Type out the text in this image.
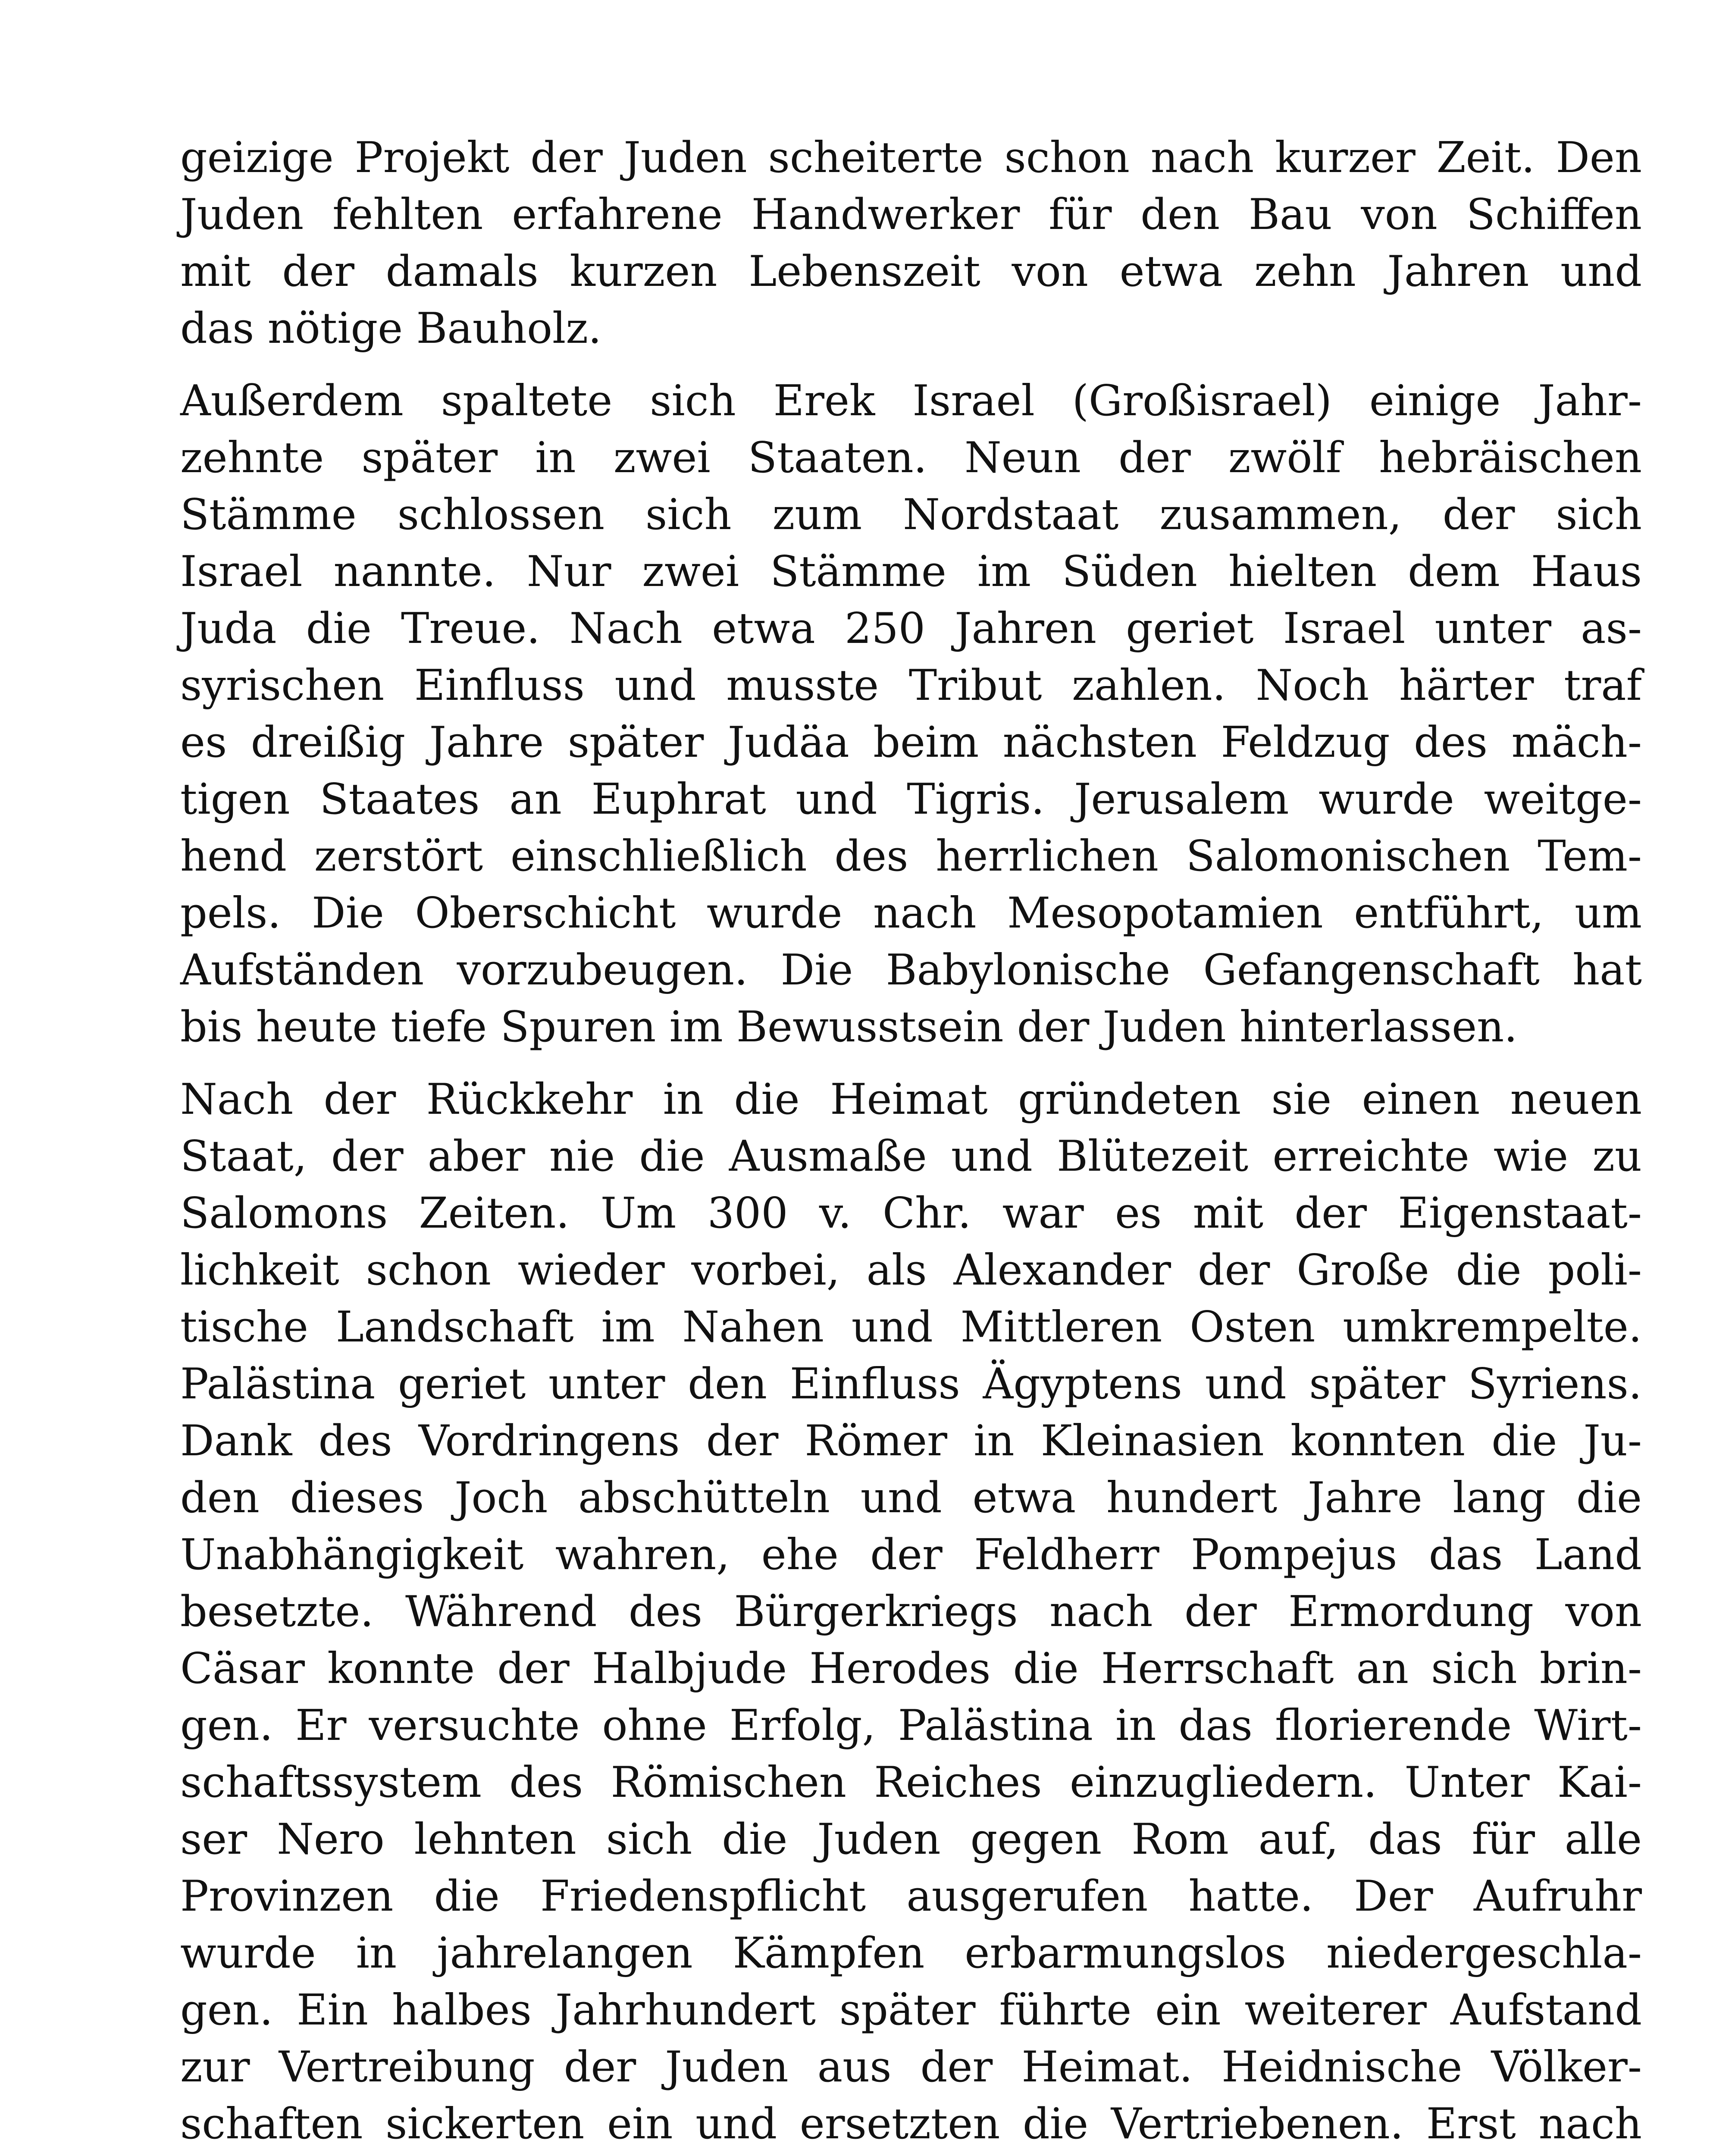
geizige Projekt der Juden scheiterte schon nach kurzer Zeit. Den
Juden fehlten erfahrene Handwerker für den Bau von Schiffen
mit der damals kurzen Lebenszeit von etwa zehn Jahren und
das nötige Bauholz.
Außerdem spaltete sich Erek Israel (Großisrael) einige Jahr-
zehnte später in zwei Staaten. Neun der zwölf hebräischen
Stämme schlossen sich zum Nordstaat zusammen, der sich
Israel nannte. Nur zwei Stämme im Süden hielten dem Haus
Juda die Treue. Nach etwa 250 Jahren geriet Israel unter as-
syrischen Einfluss und musste Tribut zahlen. Noch härter traf
es dreißig Jahre später Judäa beim nächsten Feldzug des mäch-
tigen Staates an Euphrat und Tigris. Jerusalem wurde weitge-
hend zerstört einschließlich des herrlichen Salomonischen Tem-
pels. Die Oberschicht wurde nach Mesopotamien entführt, um
Aufständen vorzubeugen. Die Babylonische Gefangenschaft hat
bis heute tiefe Spuren im Bewusstsein der Juden hinterlassen.
Nach der Rückkehr in die Heimat gründeten sie einen neuen
Staat, der aber nie die Ausmaße und Blütezeit erreichte wie zu
Salomons Zeiten. Um 300 v. Chr. war es mit der Eigenstaat-
lichkeit schon wieder vorbei, als Alexander der Große die poli-
tische Landschaft im Nahen und Mittleren Osten umkrempelte.
Palästina geriet unter den Einfluss Ägyptens und später Syriens.
Dank des Vordringens der Römer in Kleinasien konnten die Ju-
den dieses Joch abschütteln und etwa hundert Jahre lang die
Unabhängigkeit wahren, ehe der Feldherr Pompejus das Land
besetzte. Während des Bürgerkriegs nach der Ermordung von
Cäsar konnte der Halbjude Herodes die Herrschaft an sich brin-
gen. Er versuchte ohne Erfolg, Palästina in das florierende Wirt-
schaftssystem des Römischen Reiches einzugliedern. Unter Kai-
ser Nero lehnten sich die Juden gegen Rom auf, das für alle
Provinzen die Friedenspflicht ausgerufen hatte. Der Aufruhr
wurde in jahrelangen Kämpfen erbarmungslos niedergeschla-
gen. Ein halbes Jahrhundert später führte ein weiterer Aufstand
zur Vertreibung der Juden aus der Heimat. Heidnische Völker-
schaften sickerten ein und ersetzten die Vertriebenen. Erst nach
